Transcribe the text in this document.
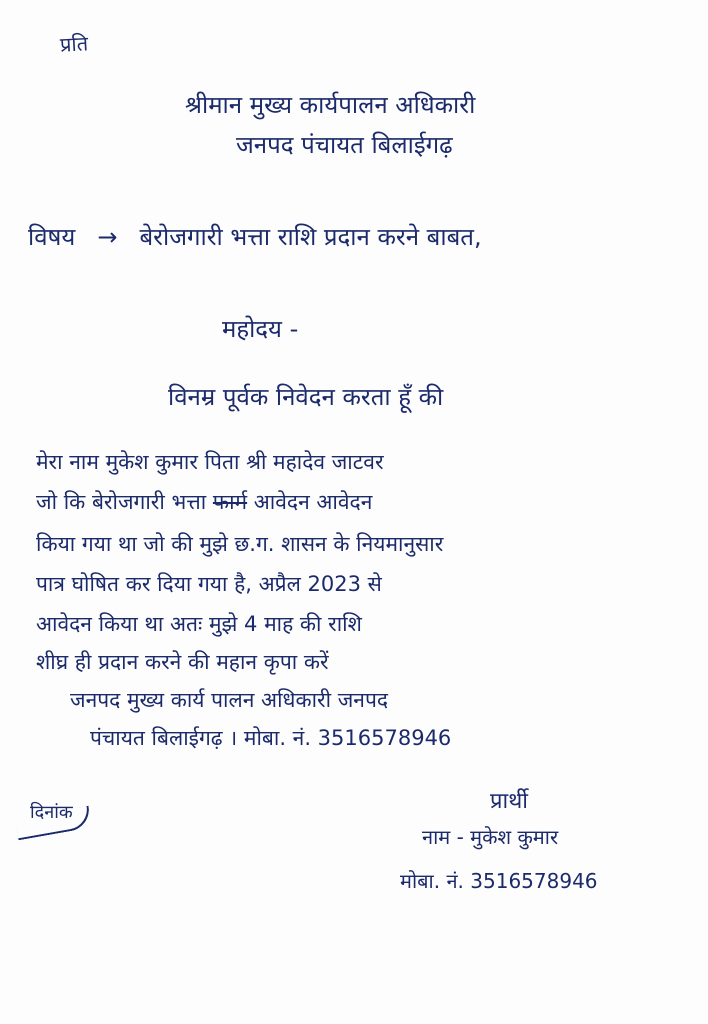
प्रति
श्रीमान मुख्य कार्यपालन अधिकारी
जनपद पंचायत बिलाईगढ़
विषय → बेरोजगारी भत्ता राशि प्रदान करने बाबत,
महोदय -
विनम्र पूर्वक निवेदन करता हूँ की
मेरा नाम मुकेश कुमार पिता श्री महादेव जाटवर
जो कि बेरोजगारी भत्ता फार्म आवेदन आवेदन
किया गया था जो की मुझे छ.ग. शासन के नियमानुसार
पात्र घोषित कर दिया गया है, अप्रैल 2023 से
आवेदन किया था अतः मुझे 4 माह की राशि
शीघ्र ही प्रदान करने की महान कृपा करें
जनपद मुख्य कार्य पालन अधिकारी जनपद
पंचायत बिलाईगढ़ । मोबा. नं. 3516578946
दिनांक	प्रार्थी
नाम - मुकेश कुमार
मोबा. नं. 3516578946
